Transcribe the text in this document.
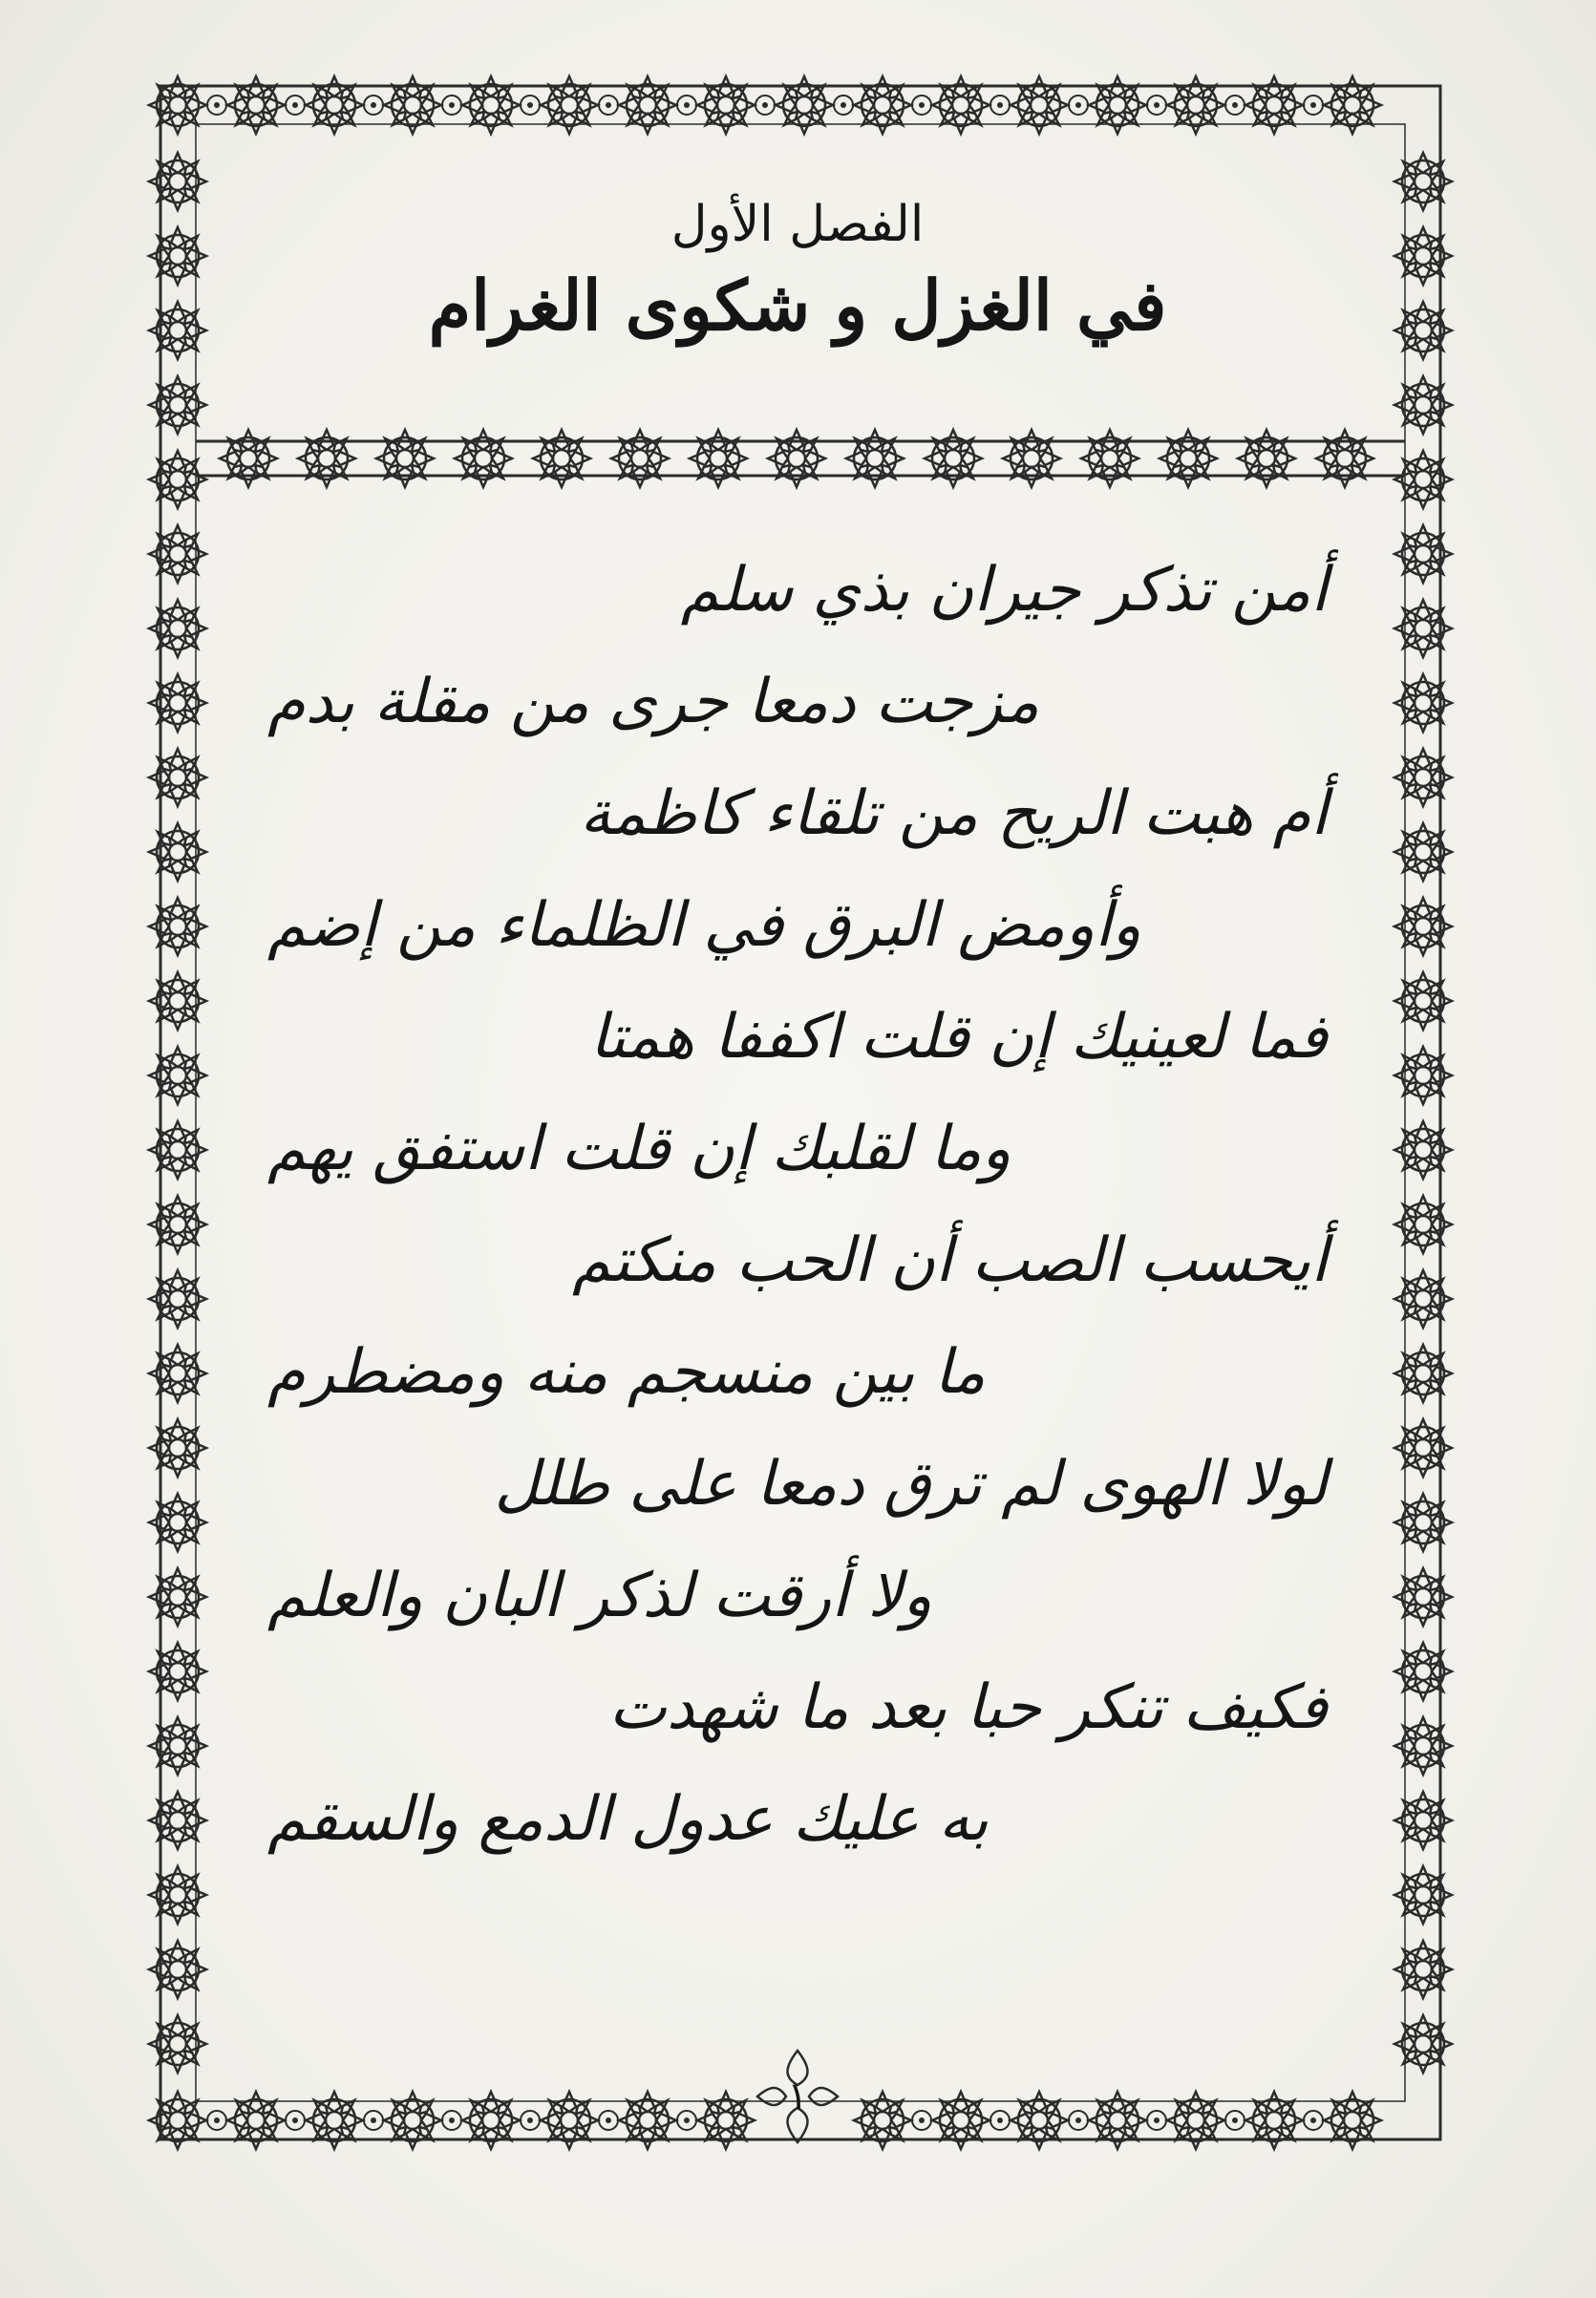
الفصل الأول
في الغزل و شكوى الغرام
أمن تذكر جيران بذي سلم
مزجت دمعا جرى من مقلة بدم
أم هبت الريح من تلقاء كاظمة
وأومض البرق في الظلماء من إضم
فما لعينيك إن قلت اكففا همتا
وما لقلبك إن قلت استفق يهم
أيحسب الصب أن الحب منكتم
ما بين منسجم منه ومضطرم
لولا الهوى لم ترق دمعا على طلل
ولا أرقت لذكر البان والعلم
فكيف تنكر حبا بعد ما شهدت
به عليك عدول الدمع والسقم
١
